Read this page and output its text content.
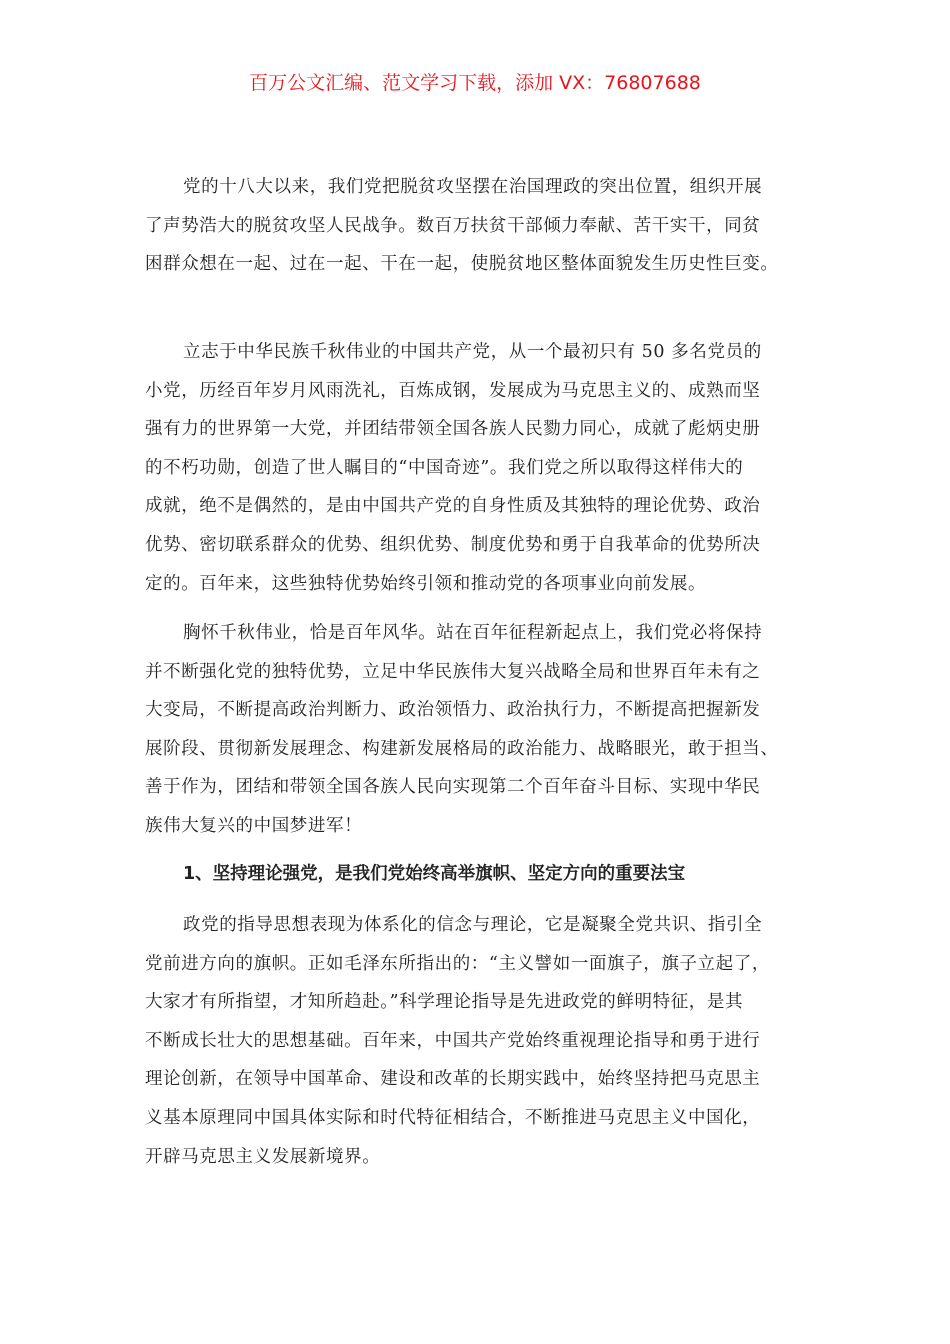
百万公文汇编、范文学习下载，添加 VX：76807688
党的十八大以来，我们党把脱贫攻坚摆在治国理政的突出位置，组织开展
了声势浩大的脱贫攻坚人民战争。数百万扶贫干部倾力奉献、苦干实干，同贫
困群众想在一起、过在一起、干在一起，使脱贫地区整体面貌发生历史性巨变。
立志于中华民族千秋伟业的中国共产党，从一个最初只有 50 多名党员的
小党，历经百年岁月风雨洗礼，百炼成钢，发展成为马克思主义的、成熟而坚
强有力的世界第一大党，并团结带领全国各族人民勠力同心，成就了彪炳史册
的不朽功勋，创造了世人瞩目的“中国奇迹”。我们党之所以取得这样伟大的
成就，绝不是偶然的，是由中国共产党的自身性质及其独特的理论优势、政治
优势、密切联系群众的优势、组织优势、制度优势和勇于自我革命的优势所决
定的。百年来，这些独特优势始终引领和推动党的各项事业向前发展。
胸怀千秋伟业，恰是百年风华。站在百年征程新起点上，我们党必将保持
并不断强化党的独特优势，立足中华民族伟大复兴战略全局和世界百年未有之
大变局，不断提高政治判断力、政治领悟力、政治执行力，不断提高把握新发
展阶段、贯彻新发展理念、构建新发展格局的政治能力、战略眼光，敢于担当、
善于作为，团结和带领全国各族人民向实现第二个百年奋斗目标、实现中华民
族伟大复兴的中国梦进军！
1、坚持理论强党，是我们党始终高举旗帜、坚定方向的重要法宝
政党的指导思想表现为体系化的信念与理论，它是凝聚全党共识、指引全
党前进方向的旗帜。正如毛泽东所指出的：“主义譬如一面旗子，旗子立起了，
大家才有所指望，才知所趋赴。”科学理论指导是先进政党的鲜明特征，是其
不断成长壮大的思想基础。百年来，中国共产党始终重视理论指导和勇于进行
理论创新，在领导中国革命、建设和改革的长期实践中，始终坚持把马克思主
义基本原理同中国具体实际和时代特征相结合，不断推进马克思主义中国化，
开辟马克思主义发展新境界。
